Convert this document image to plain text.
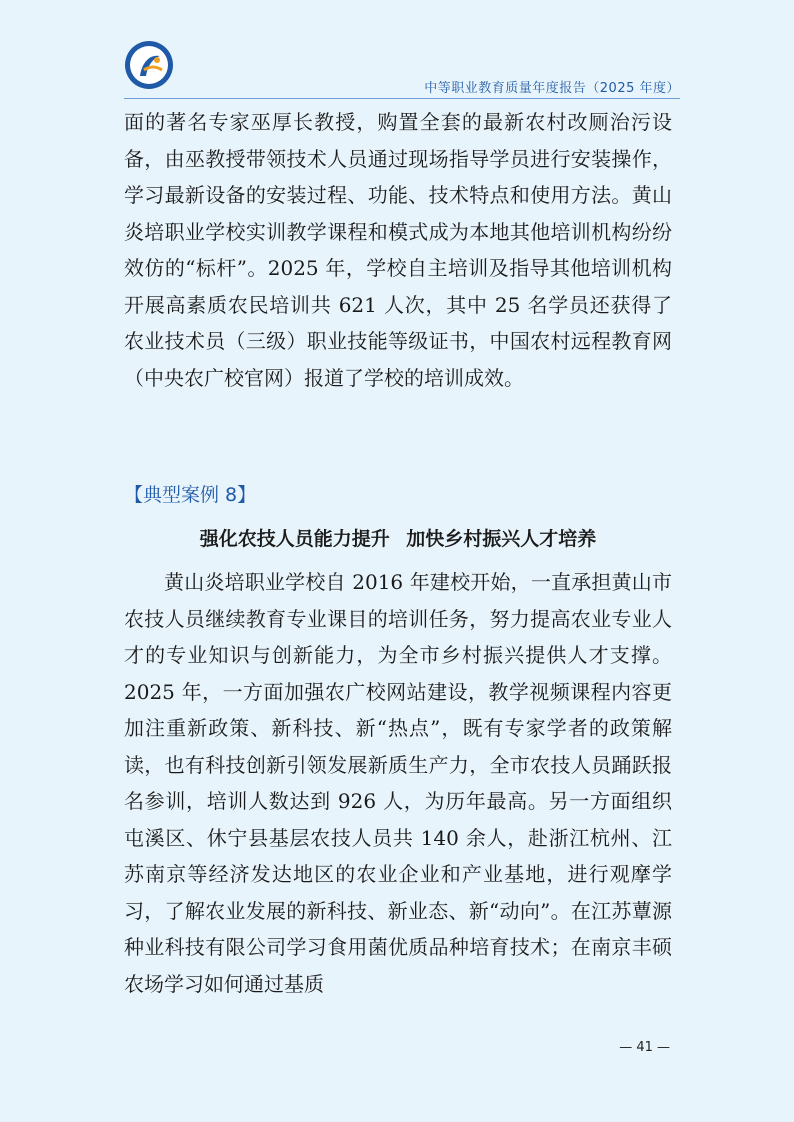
中等职业教育质量年度报告（2025 年度）

面的著名专家巫厚长教授，购置全套的最新农村改厕治污设备，由巫教授带领技术人员通过现场指导学员进行安装操作，学习最新设备的安装过程、功能、技术特点和使用方法。黄山炎培职业学校实训教学课程和模式成为本地其他培训机构纷纷效仿的“标杆”。2025 年，学校自主培训及指导其他培训机构开展高素质农民培训共 621 人次，其中 25 名学员还获得了农业技术员（三级）职业技能等级证书，中国农村远程教育网（中央农广校官网）报道了学校的培训成效。

【典型案例 8】

强化农技人员能力提升 加快乡村振兴人才培养

黄山炎培职业学校自 2016 年建校开始，一直承担黄山市农技人员继续教育专业课目的培训任务，努力提高农业专业人才的专业知识与创新能力，为全市乡村振兴提供人才支撑。2025 年，一方面加强农广校网站建设，教学视频课程内容更加注重新政策、新科技、新“热点”，既有专家学者的政策解读，也有科技创新引领发展新质生产力，全市农技人员踊跃报名参训，培训人数达到 926 人，为历年最高。另一方面组织屯溪区、休宁县基层农技人员共 140 余人，赴浙江杭州、江苏南京等经济发达地区的农业企业和产业基地，进行观摩学习，了解农业发展的新科技、新业态、新“动向”。在江苏蕈源种业科技有限公司学习食用菌优质品种培育技术；在南京丰硕农场学习如何通过基质

— 41 —
